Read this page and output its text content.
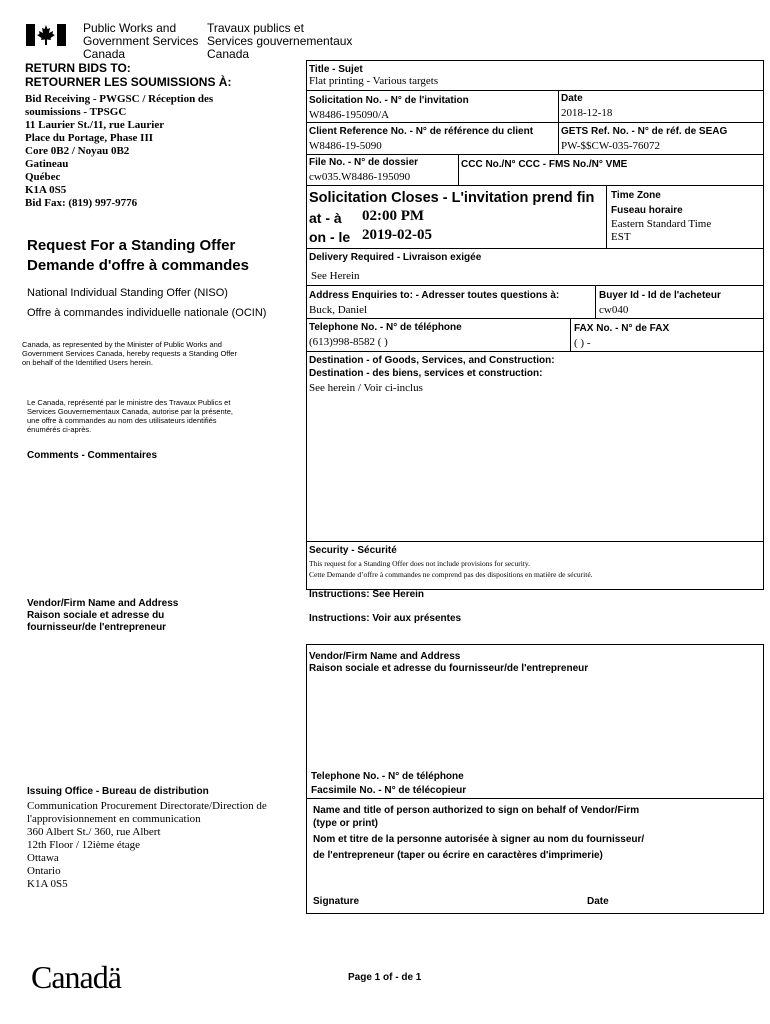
Public Works and
Government Services
Canada
Travaux publics et
Services gouvernementaux
Canada
RETURN BIDS TO:
RETOURNER LES SOUMISSIONS À:
Bid Receiving - PWGSC / Réception des
soumissions - TPSGC
11 Laurier St./11, rue Laurier
Place du Portage, Phase III
Core 0B2 / Noyau 0B2
Gatineau
Québec
K1A 0S5
Bid Fax: (819) 997-9776
Request For a Standing Offer
Demande d'offre à commandes
National Individual Standing Offer (NISO)
Offre à commandes individuelle nationale (OCIN)
Canada, as represented by the Minister of Public Works and
Government Services Canada, hereby requests a Standing Offer
on behalf of the Identified Users herein.
Le Canada, représenté par le ministre des Travaux Publics et
Services Gouvernementaux Canada, autorise par la présente,
une offre à commandes au nom des utilisateurs identifiés
énumérés ci-après.
Comments - Commentaires
Vendor/Firm Name and Address
Raison sociale et adresse du
fournisseur/de l'entrepreneur
Issuing Office - Bureau de distribution
Communication Procurement Directorate/Direction de
l'approvisionnement en communication
360 Albert St./ 360, rue Albert
12th Floor / 12ième étage
Ottawa
Ontario
K1A 0S5
Title - Sujet
Flat printing - Various targets
Solicitation No. - N° de l'invitation
W8486-195090/A
Date
2018-12-18
Client Reference No. - N° de référence du client
W8486-19-5090
GETS Ref. No. - N° de réf. de SEAG
PW-$$CW-035-76072
File No. - N° de dossier
cw035.W8486-195090
CCC No./N° CCC - FMS No./N° VME
Solicitation Closes - L'invitation prend fin
at - à 02:00 PM
on - le 2019-02-05
Time Zone
Fuseau horaire
Eastern Standard Time
EST
Delivery Required - Livraison exigée
See Herein
Address Enquiries to: - Adresser toutes questions à:
Buck, Daniel
Buyer Id - Id de l'acheteur
cw040
Telephone No. - N° de téléphone
(613)998-8582 ( )
FAX No. - N° de FAX
( ) -
Destination - of Goods, Services, and Construction:
Destination - des biens, services et construction:
See herein / Voir ci-inclus
Security - Sécurité
This request for a Standing Offer does not include provisions for security.
Cette Demande d’offre à commandes ne comprend pas des dispositions en matière de sécurité.
Instructions: See Herein
Instructions: Voir aux présentes
Vendor/Firm Name and Address
Raison sociale et adresse du fournisseur/de l'entrepreneur
Telephone No. - N° de téléphone
Facsimile No. - N° de télécopieur
Name and title of person authorized to sign on behalf of Vendor/Firm
(type or print)
Nom et titre de la personne autorisée à signer au nom du fournisseur/
de l'entrepreneur (taper ou écrire en caractères d'imprimerie)
Signature	Date
Canadä	Page 1 of - de 1
